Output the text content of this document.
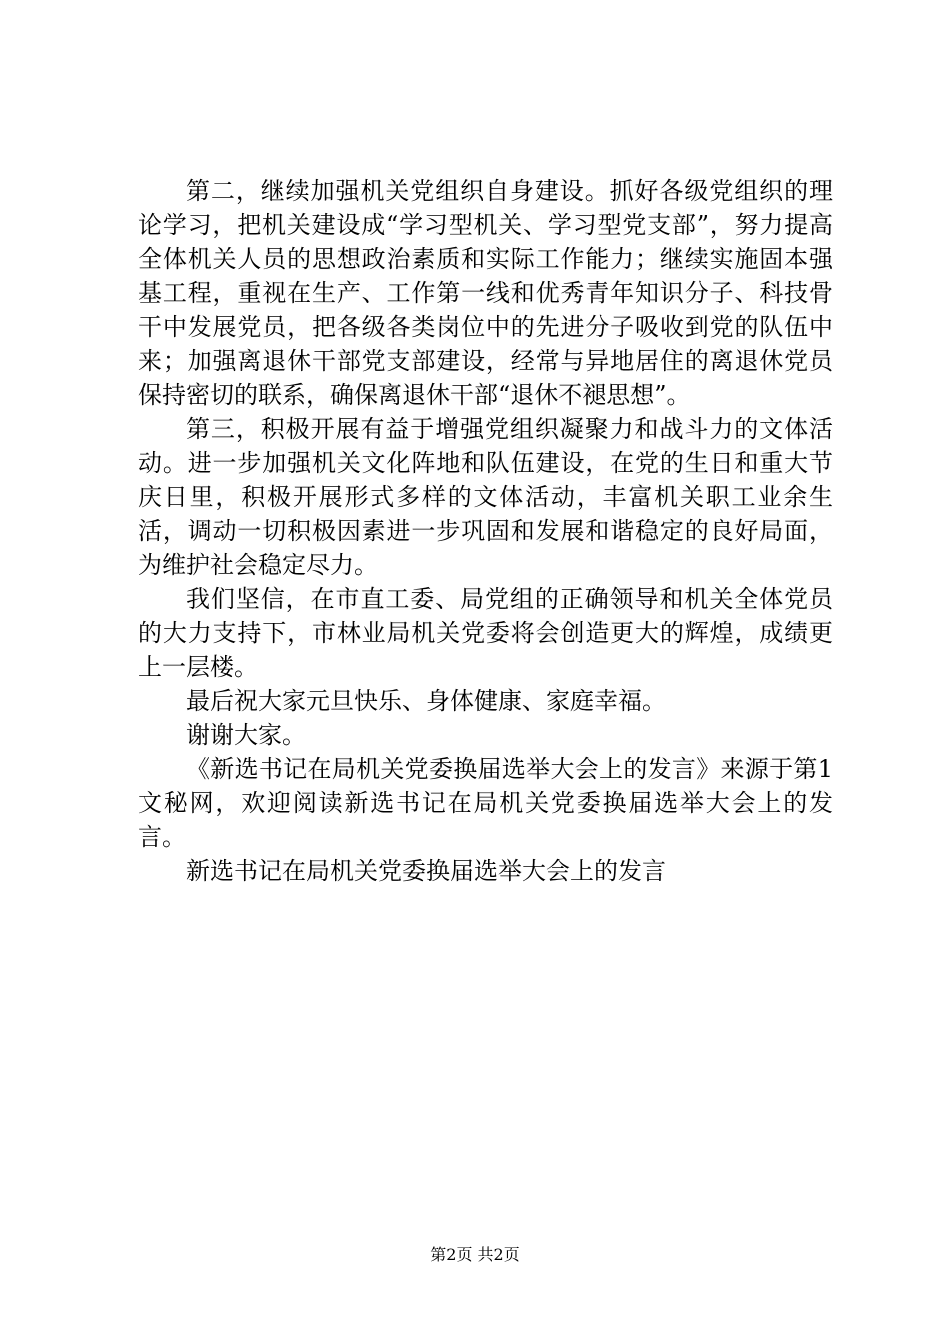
第二，继续加强机关党组织自身建设。抓好各级党组织的理论学习，把机关建设成“学习型机关、学习型党支部”，努力提高全体机关人员的思想政治素质和实际工作能力；继续实施固本强基工程，重视在生产、工作第一线和优秀青年知识分子、科技骨干中发展党员，把各级各类岗位中的先进分子吸收到党的队伍中来；加强离退休干部党支部建设，经常与异地居住的离退休党员保持密切的联系，确保离退休干部“退休不褪思想”。

第三，积极开展有益于增强党组织凝聚力和战斗力的文体活动。进一步加强机关文化阵地和队伍建设，在党的生日和重大节庆日里，积极开展形式多样的文体活动，丰富机关职工业余生活，调动一切积极因素进一步巩固和发展和谐稳定的良好局面，为维护社会稳定尽力。

我们坚信，在市直工委、局党组的正确领导和机关全体党员的大力支持下，市林业局机关党委将会创造更大的辉煌，成绩更上一层楼。

最后祝大家元旦快乐、身体健康、家庭幸福。

谢谢大家。

《新选书记在局机关党委换届选举大会上的发言》来源于第1文秘网，欢迎阅读新选书记在局机关党委换届选举大会上的发言。

新选书记在局机关党委换届选举大会上的发言

第2页 共2页
